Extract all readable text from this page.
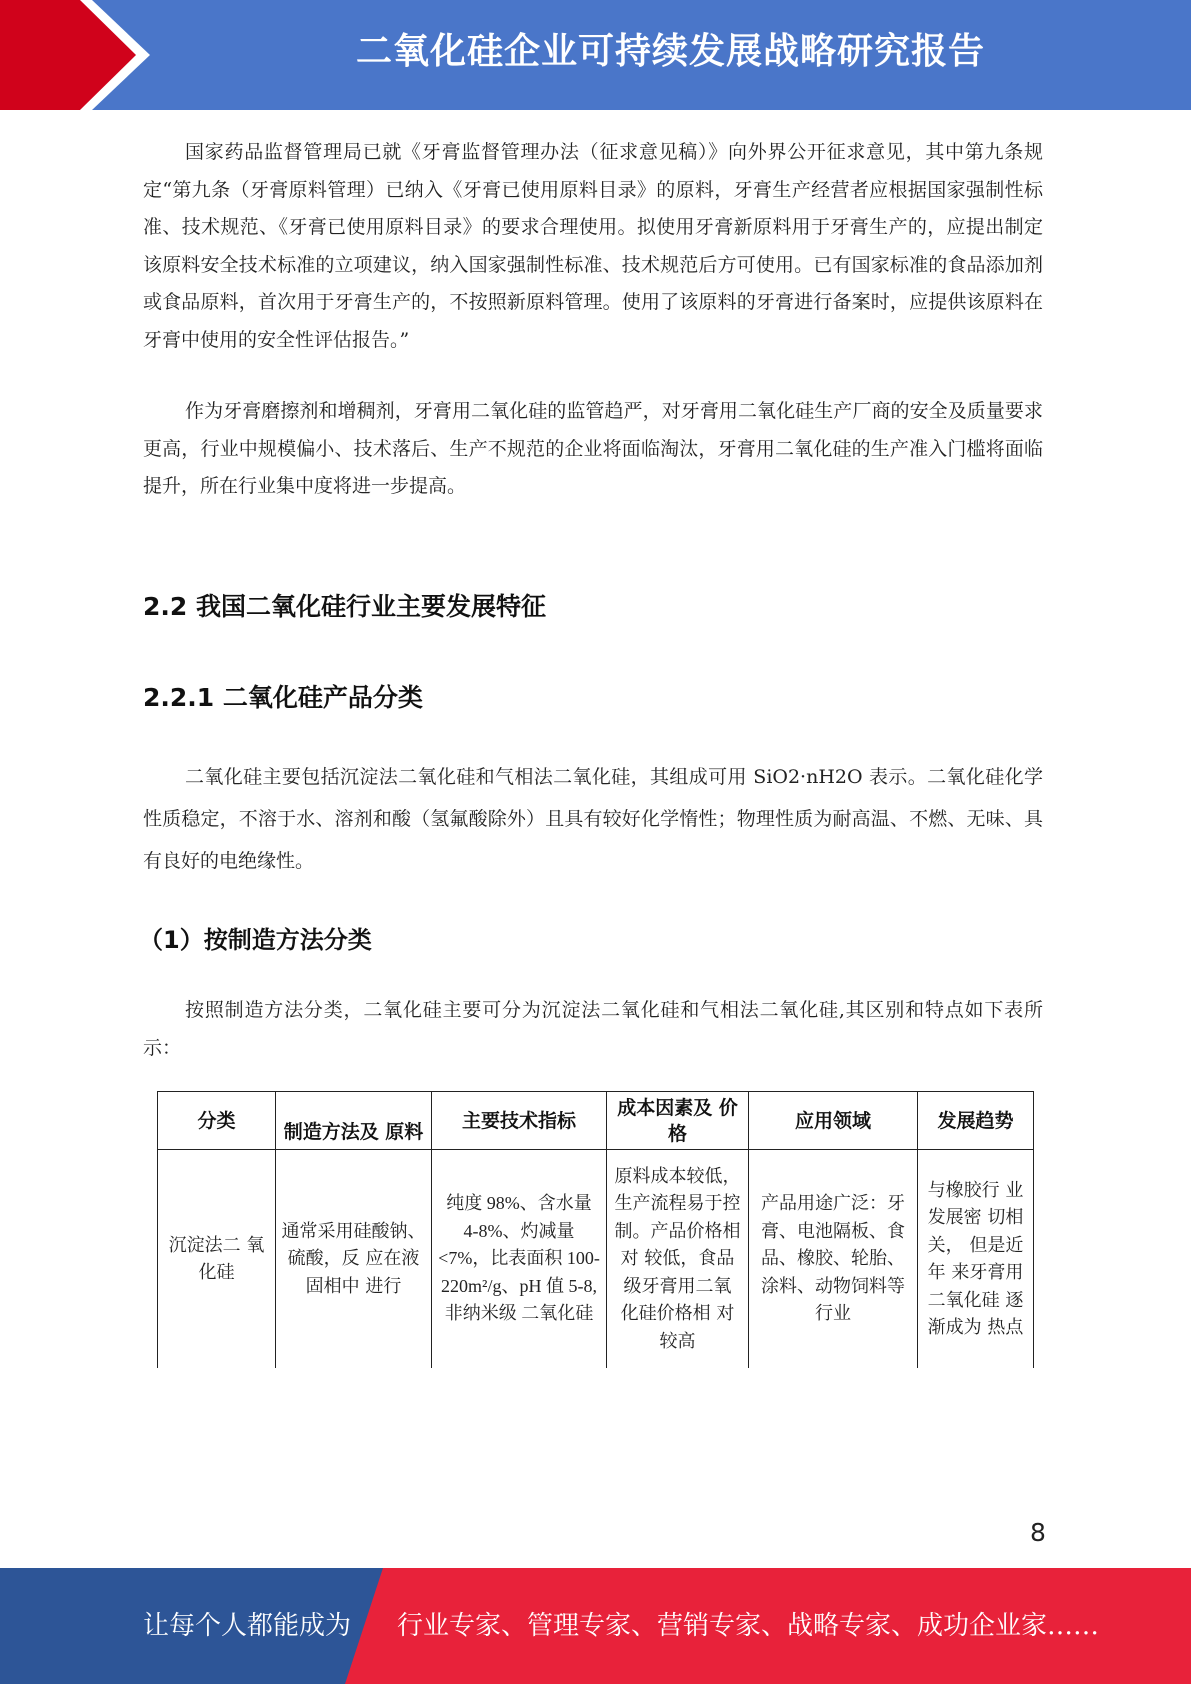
二氧化硅企业可持续发展战略研究报告

国家药品监督管理局已就《牙膏监督管理办法（征求意见稿）》向外界公开征求意见，其中第九条规定“第九条（牙膏原料管理）已纳入《牙膏已使用原料目录》的原料，牙膏生产经营者应根据国家强制性标准、技术规范、《牙膏已使用原料目录》的要求合理使用。拟使用牙膏新原料用于牙膏生产的，应提出制定该原料安全技术标准的立项建议，纳入国家强制性标准、技术规范后方可使用。已有国家标准的食品添加剂或食品原料，首次用于牙膏生产的，不按照新原料管理。使用了该原料的牙膏进行备案时，应提供该原料在牙膏中使用的安全性评估报告。”

作为牙膏磨擦剂和增稠剂，牙膏用二氧化硅的监管趋严，对牙膏用二氧化硅生产厂商的安全及质量要求更高，行业中规模偏小、技术落后、生产不规范的企业将面临淘汰，牙膏用二氧化硅的生产准入门槛将面临提升，所在行业集中度将进一步提高。

2.2 我国二氧化硅行业主要发展特征
2.2.1 二氧化硅产品分类

二氧化硅主要包括沉淀法二氧化硅和气相法二氧化硅，其组成可用 SiO2·nH2O 表示。二氧化硅化学性质稳定，不溶于水、溶剂和酸（氢氟酸除外）且具有较好化学惰性；物理性质为耐高温、不燃、无味、具有良好的电绝缘性。

（1）按制造方法分类

按照制造方法分类，二氧化硅主要可分为沉淀法二氧化硅和气相法二氧化硅,其区别和特点如下表所示：

分类
制造方法及 原料
主要技术指标
成本因素及 价格
应用领域	发展趋势
沉淀法二 氧化硅
通常采用硅酸钠、硫酸，反 应在液固相中 进行
纯度 98%、含水量 4-8%、灼减量 <7%，比表面积 100-220m²/g、pH 值 5-8, 非纳米级 二氧化硅
原料成本较低，生产流程易于控制。产品价格相对 较低，食品级牙膏用二氧 化硅价格相 对较高
产品用途广泛：牙膏、电池隔板、食品、橡胶、轮胎、涂料、动物饲料等行业
与橡胶行 业发展密 切相关， 但是近年 来牙膏用二氧化硅 逐渐成为 热点
8
让每个人都能成为 行业专家、管理专家、营销专家、战略专家、成功企业家……
